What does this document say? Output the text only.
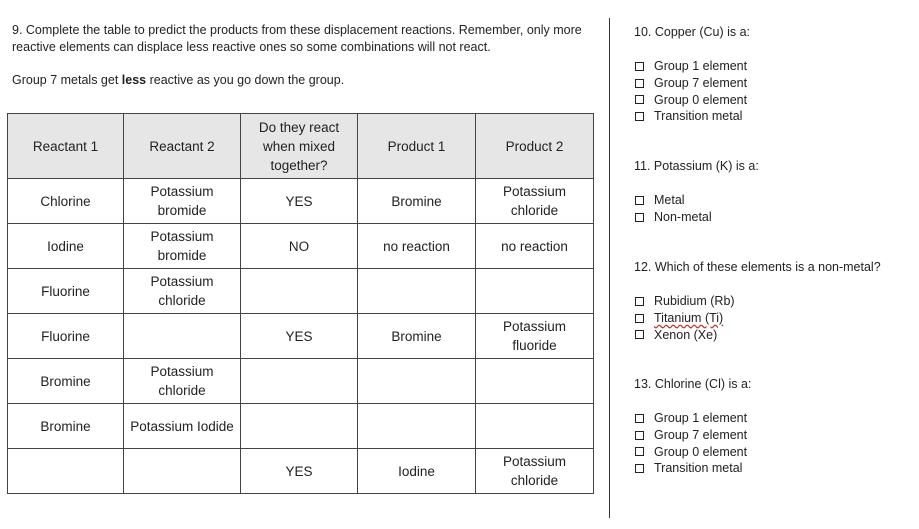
9. Complete the table to predict the products from these displacement reactions. Remember, only more reactive elements can displace less reactive ones so some combinations will not react.

Group 7 metals get less reactive as you go down the group.

Reactant 1	Reactant 2	Do they react when mixed together?	Product 1	Product 2
Chlorine	Potassium bromide	YES	Bromine	Potassium chloride
Iodine	Potassium bromide	NO	no reaction	no reaction
Fluorine	Potassium chloride			
Fluorine		YES	Bromine	Potassium fluoride
Bromine	Potassium chloride			
Bromine	Potassium Iodide			
		YES	Iodine	Potassium chloride

10. Copper (Cu) is a:

Group 1 element
Group 7 element
Group 0 element
Transition metal

11. Potassium (K) is a:

Metal
Non-metal

12. Which of these elements is a non-metal?

Rubidium (Rb)
Titanium (Ti)
Xenon (Xe)

13. Chlorine (Cl) is a:

Group 1 element
Group 7 element
Group 0 element
Transition metal
